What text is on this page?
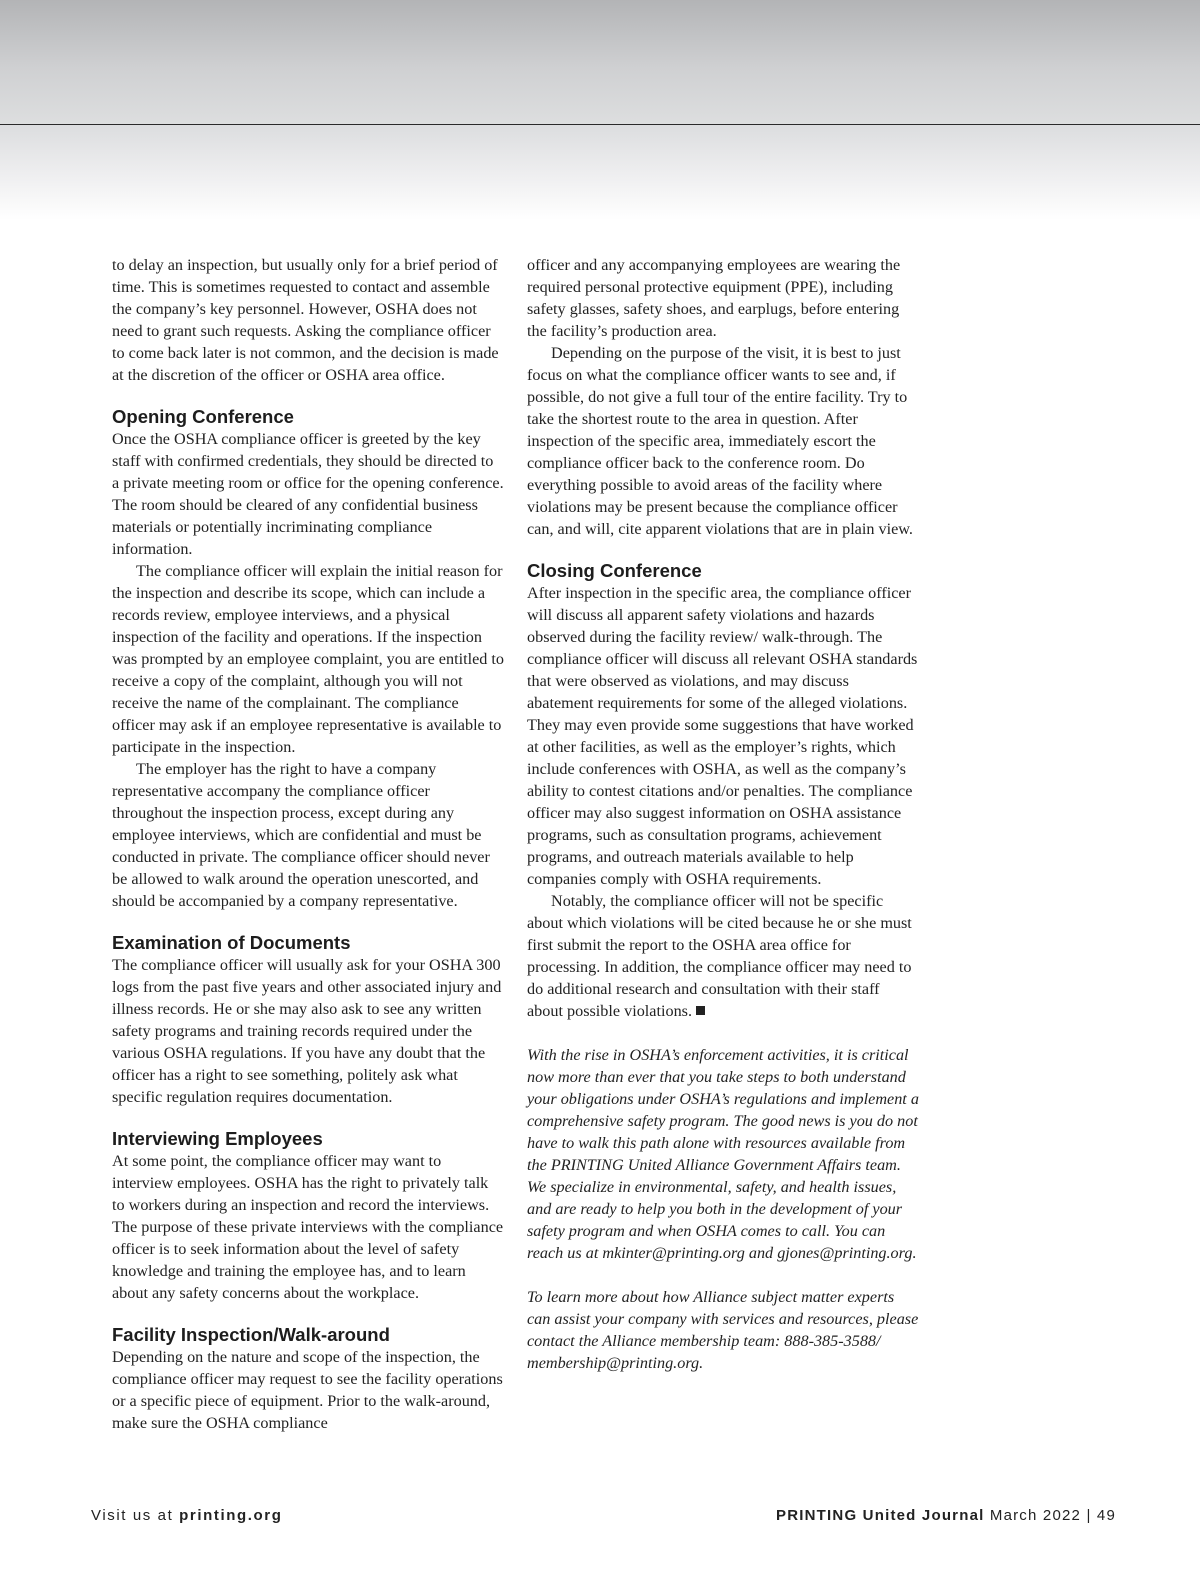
to delay an inspection, but usually only for a brief period of time. This is sometimes requested to contact and assemble the company’s key personnel. However, OSHA does not need to grant such requests. Asking the compliance officer to come back later is not common, and the decision is made at the discretion of the officer or OSHA area office.

Opening Conference

Once the OSHA compliance officer is greeted by the key staff with confirmed credentials, they should be directed to a private meeting room or office for the opening conference. The room should be cleared of any confidential business materials or potentially incriminating compliance information.

The compliance officer will explain the initial reason for the inspection and describe its scope, which can include a records review, employee interviews, and a physical inspection of the facility and operations. If the inspection was prompted by an employee complaint, you are entitled to receive a copy of the complaint, although you will not receive the name of the complainant. The compliance officer may ask if an employee representative is available to participate in the inspection.

The employer has the right to have a company representative accompany the compliance officer throughout the inspection process, except during any employee interviews, which are confidential and must be conducted in private. The compliance officer should never be allowed to walk around the operation unescorted, and should be accompanied by a company representative.

Examination of Documents

The compliance officer will usually ask for your OSHA 300 logs from the past five years and other associated injury and illness records. He or she may also ask to see any written safety programs and training records required under the various OSHA regulations. If you have any doubt that the officer has a right to see something, politely ask what specific regulation requires documentation.

Interviewing Employees

At some point, the compliance officer may want to interview employees. OSHA has the right to privately talk to workers during an inspection and record the interviews. The purpose of these private interviews with the compliance officer is to seek information about the level of safety knowledge and training the employee has, and to learn about any safety concerns about the workplace.

Facility Inspection/Walk-around

Depending on the nature and scope of the inspection, the compliance officer may request to see the facility operations or a specific piece of equipment. Prior to the walk-around, make sure the OSHA compliance

officer and any accompanying employees are wearing the required personal protective equipment (PPE), including safety glasses, safety shoes, and earplugs, before entering the facility’s production area.

Depending on the purpose of the visit, it is best to just focus on what the compliance officer wants to see and, if possible, do not give a full tour of the entire facility. Try to take the shortest route to the area in question. After inspection of the specific area, immediately escort the compliance officer back to the conference room. Do everything possible to avoid areas of the facility where violations may be present because the compliance officer can, and will, cite apparent violations that are in plain view.

Closing Conference

After inspection in the specific area, the compliance officer will discuss all apparent safety violations and hazards observed during the facility review/ walk-through. The compliance officer will discuss all relevant OSHA standards that were observed as violations, and may discuss abatement requirements for some of the alleged violations. They may even provide some suggestions that have worked at other facilities, as well as the employer’s rights, which include conferences with OSHA, as well as the company’s ability to contest citations and/or penalties. The compliance officer may also suggest information on OSHA assistance programs, such as consultation programs, achievement programs, and outreach materials available to help companies comply with OSHA requirements.

Notably, the compliance officer will not be specific about which violations will be cited because he or she must first submit the report to the OSHA area office for processing. In addition, the compliance officer may need to do additional research and consultation with their staff about possible violations.

With the rise in OSHA’s enforcement activities, it is critical now more than ever that you take steps to both understand your obligations under OSHA’s regulations and implement a comprehensive safety program. The good news is you do not have to walk this path alone with resources available from the PRINTING United Alliance Government Affairs team. We specialize in environmental, safety, and health issues, and are ready to help you both in the development of your safety program and when OSHA comes to call. You can reach us at mkinter@printing.org and gjones@printing.org.

To learn more about how Alliance subject matter experts can assist your company with services and resources, please contact the Alliance membership team: 888-385-3588/ membership@printing.org.

Visit us at printing.org	PRINTING United Journal March 2022 | 49
